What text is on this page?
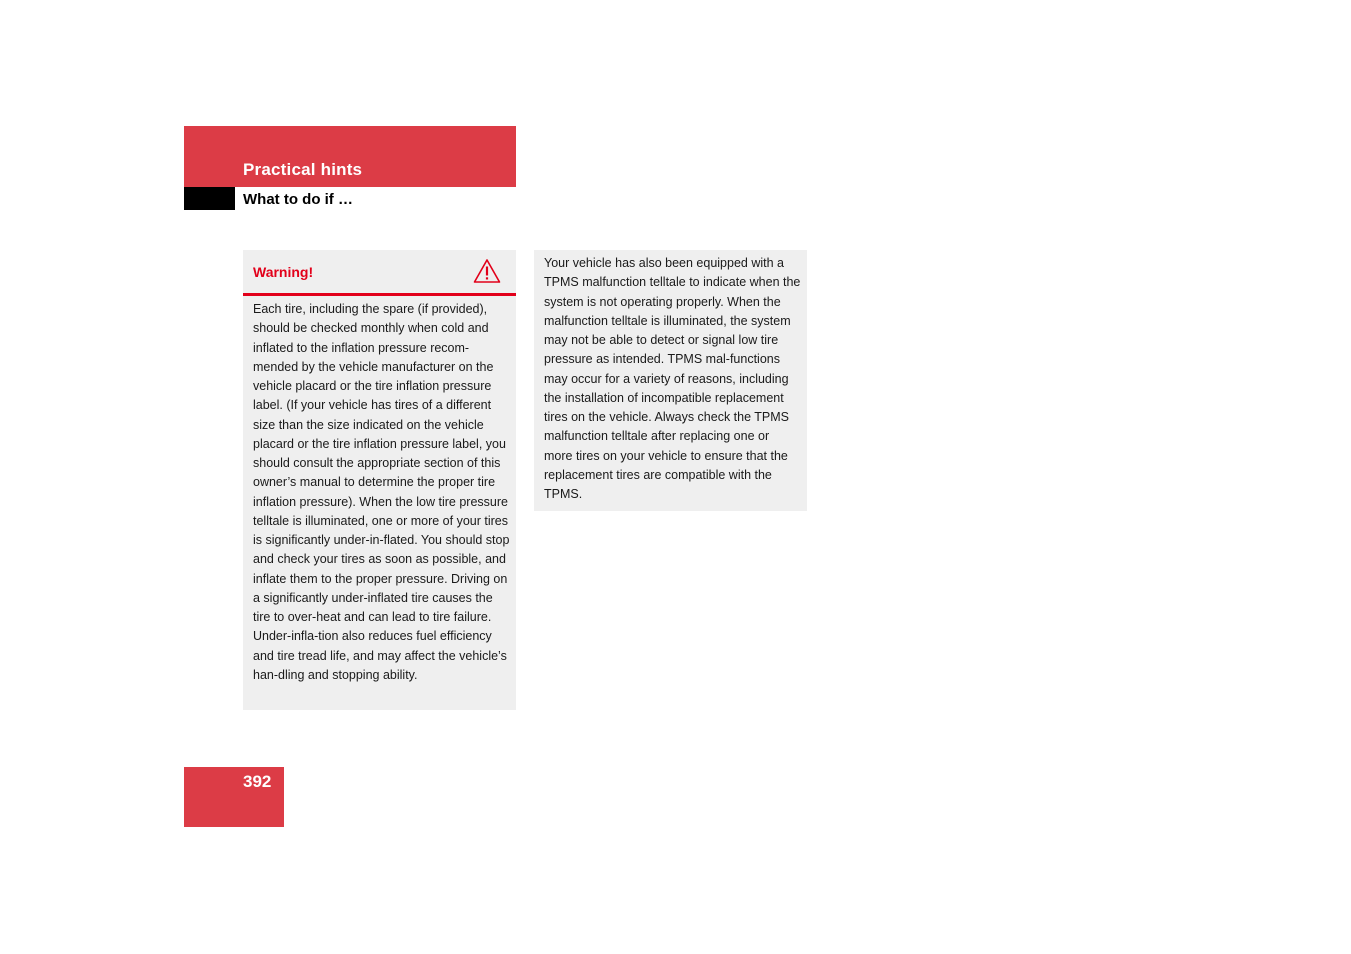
Practical hints
What to do if …
Warning!
Each tire, including the spare (if provided), should be checked monthly when cold and inflated to the inflation pressure recom-mended by the vehicle manufacturer on the vehicle placard or the tire inflation pressure label. (If your vehicle has tires of a different size than the size indicated on the vehicle placard or the tire inflation pressure label, you should consult the appropriate section of this owner’s manual to determine the proper tire inflation pressure). When the low tire pressure telltale is illuminated, one or more of your tires is significantly under-in-flated. You should stop and check your tires as soon as possible, and inflate them to the proper pressure. Driving on a significantly under-inflated tire causes the tire to over-heat and can lead to tire failure. Under-infla-tion also reduces fuel efficiency and tire tread life, and may affect the vehicle’s han-dling and stopping ability.
Your vehicle has also been equipped with a TPMS malfunction telltale to indicate when the system is not operating properly. When the malfunction telltale is illuminated, the system may not be able to detect or signal low tire pressure as intended. TPMS mal-functions may occur for a variety of reasons, including the installation of incompatible replacement tires on the vehicle. Always check the TPMS malfunction telltale after replacing one or more tires on your vehicle to ensure that the replacement tires are compatible with the TPMS.
392
